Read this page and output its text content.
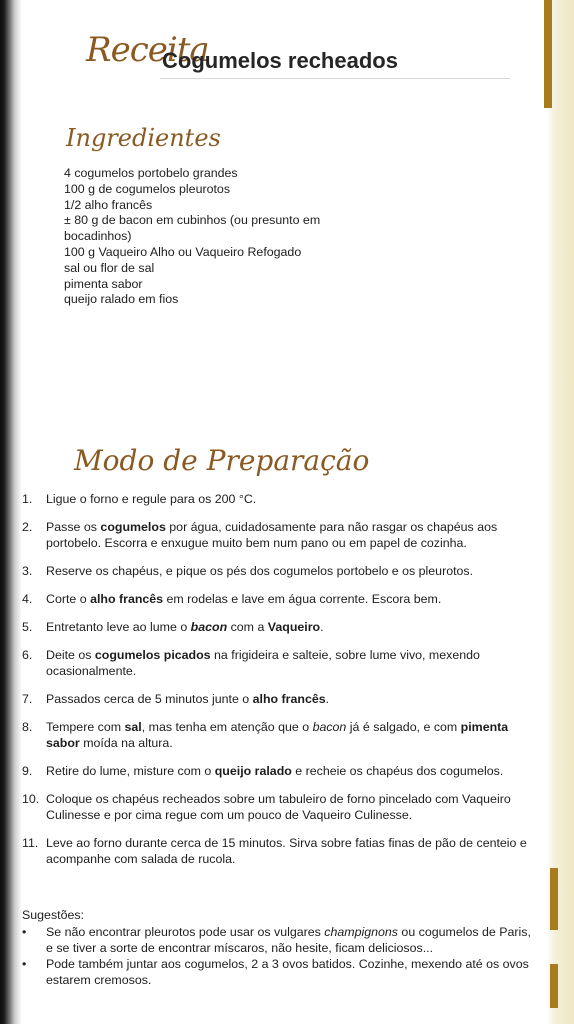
Receita
Cogumelos recheados
Ingredientes
4 cogumelos portobelo grandes
100 g de cogumelos pleurotos
1/2 alho francês
± 80 g de bacon em cubinhos (ou presunto em bocadinhos)
100 g Vaqueiro Alho ou Vaqueiro Refogado
sal ou flor de sal
pimenta sabor
queijo ralado em fios
Modo de Preparação
1.	Ligue o forno e regule para os 200 °C.
2.	Passe os cogumelos por água, cuidadosamente para não rasgar os chapéus aos portobelo. Escorra e enxugue muito bem num pano ou em papel de cozinha.
3.	Reserve os chapéus, e pique os pés dos cogumelos portobelo e os pleurotos.
4.	Corte o alho francês em rodelas e lave em água corrente. Escora bem.
5.	Entretanto leve ao lume o bacon com a Vaqueiro.
6.	Deite os cogumelos picados na frigideira e salteie, sobre lume vivo, mexendo ocasionalmente.
7.	Passados cerca de 5 minutos junte o alho francês.
8.	Tempere com sal, mas tenha em atenção que o bacon já é salgado, e com pimenta sabor moída na altura.
9.	Retire do lume, misture com o queijo ralado e recheie os chapéus dos cogumelos.
10. Coloque os chapéus recheados sobre um tabuleiro de forno pincelado com Vaqueiro Culinesse e por cima regue com um pouco de Vaqueiro Culinesse.
11. Leve ao forno durante cerca de 15 minutos. Sirva sobre fatias finas de pão de centeio e acompanhe com salada de rucola.
Sugestões:
•	Se não encontrar pleurotos pode usar os vulgares champignons ou cogumelos de Paris, e se tiver a sorte de encontrar míscaros, não hesite, ficam deliciosos...
•	Pode também juntar aos cogumelos, 2 a 3 ovos batidos. Cozinhe, mexendo até os ovos estarem cremosos.
